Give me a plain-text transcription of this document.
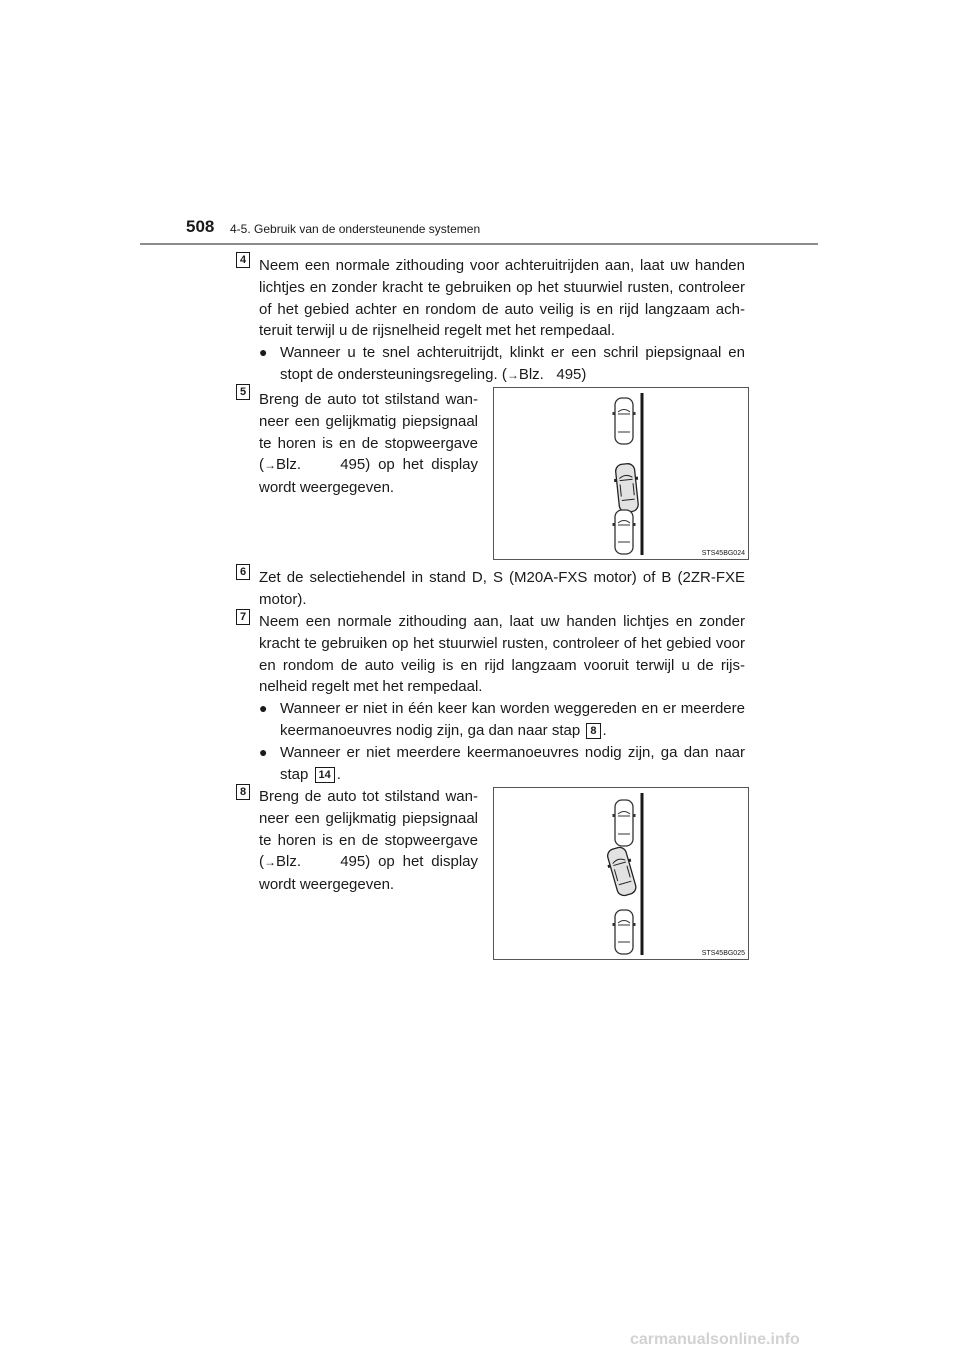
508 4-5. Gebruik van de ondersteunende systemen
4 Neem een normale zithouding voor achteruitrijden aan, laat uw handen lichtjes en zonder kracht te gebruiken op het stuurwiel rusten, controleer of het gebied achter en rondom de auto veilig is en rijd langzaam ach-teruit terwijl u de rijsnelheid regelt met het rempedaal.
● Wanneer u te snel achteruitrijdt, klinkt er een schril piepsignaal en stopt de ondersteuningsregeling. (→Blz. 495)
5 Breng de auto tot stilstand wan-neer een gelijkmatig piepsignaal te horen is en de stopweergave (→Blz.	495) op het display wordt weergegeven.
STS45BG024
6 Zet de selectiehendel in stand D, S (M20A-FXS motor) of B (2ZR-FXE motor).
7 Neem een normale zithouding aan, laat uw handen lichtjes en zonder kracht te gebruiken op het stuurwiel rusten, controleer of het gebied voor en rondom de auto veilig is en rijd langzaam vooruit terwijl u de rijs-nelheid regelt met het rempedaal.
● Wanneer er niet in één keer kan worden weggereden en er meerdere keermanoeuvres nodig zijn, ga dan naar stap 8 .
● Wanneer er niet meerdere keermanoeuvres nodig zijn, ga dan naar stap 14 .
8 Breng de auto tot stilstand wan-neer een gelijkmatig piepsignaal te horen is en de stopweergave (→Blz.	495) op het display wordt weergegeven.
STS45BG025
carmanualsonline.info
